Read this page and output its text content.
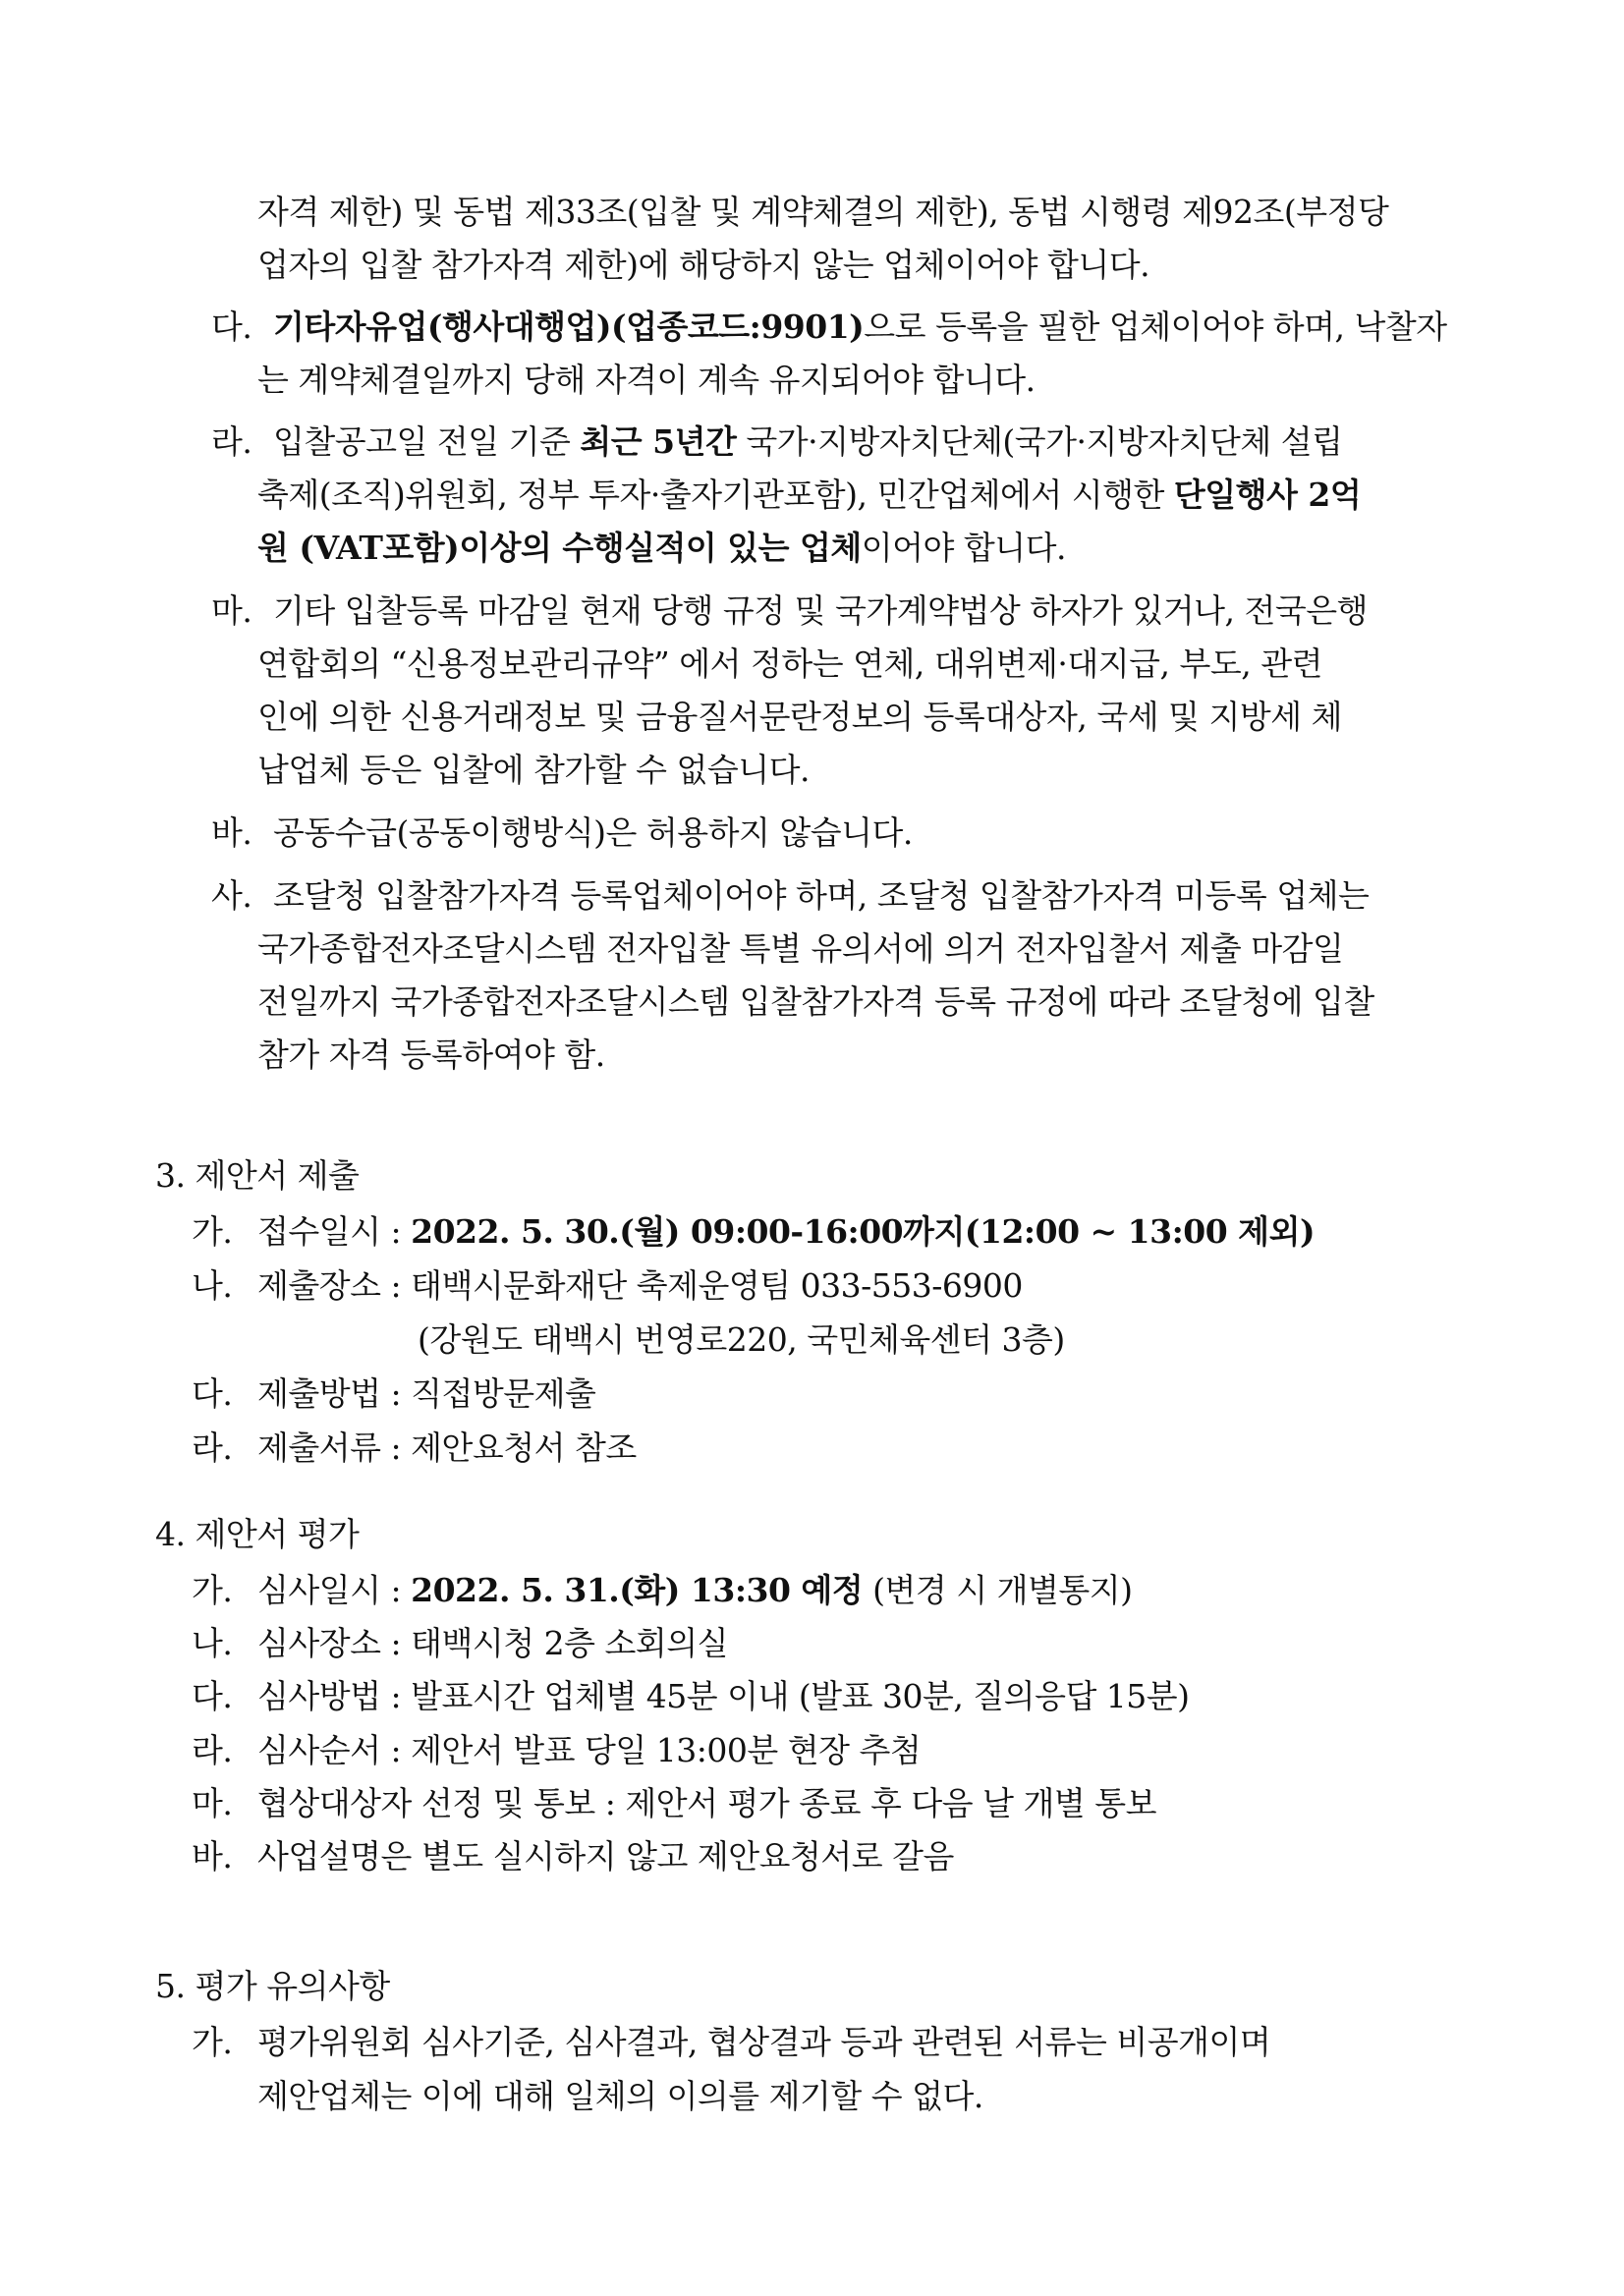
자격 제한) 및 동법 제33조(입찰 및 계약체결의 제한), 동법 시행령 제92조(부정당
업자의 입찰 참가자격 제한)에 해당하지 않는 업체이어야 합니다.
다. 기타자유업(행사대행업)(업종코드:9901)으로 등록을 필한 업체이어야 하며, 낙찰자
는 계약체결일까지 당해 자격이 계속 유지되어야 합니다.
라. 입찰공고일 전일 기준 최근 5년간 국가·지방자치단체(국가·지방자치단체 설립
축제(조직)위원회, 정부 투자·출자기관포함), 민간업체에서 시행한 단일행사 2억
원 (VAT포함)이상의 수행실적이 있는 업체이어야 합니다.
마. 기타 입찰등록 마감일 현재 당행 규정 및 국가계약법상 하자가 있거나, 전국은행
연합회의 “신용정보관리규약” 에서 정하는 연체, 대위변제·대지급, 부도, 관련
인에 의한 신용거래정보 및 금융질서문란정보의 등록대상자, 국세 및 지방세 체
납업체 등은 입찰에 참가할 수 없습니다.
바. 공동수급(공동이행방식)은 허용하지 않습니다.
사. 조달청 입찰참가자격 등록업체이어야 하며, 조달청 입찰참가자격 미등록 업체는
국가종합전자조달시스템 전자입찰 특별 유의서에 의거 전자입찰서 제출 마감일
전일까지 국가종합전자조달시스템 입찰참가자격 등록 규정에 따라 조달청에 입찰
참가 자격 등록하여야 함.
3. 제안서 제출
가. 접수일시 : 2022. 5. 30.(월) 09:00-16:00까지(12:00 ~ 13:00 제외)
나. 제출장소 : 태백시문화재단 축제운영팀 033-553-6900
(강원도 태백시 번영로220, 국민체육센터 3층)
다. 제출방법 : 직접방문제출
라. 제출서류 : 제안요청서 참조
4. 제안서 평가
가. 심사일시 : 2022. 5. 31.(화) 13:30 예정 (변경 시 개별통지)
나. 심사장소 : 태백시청 2층 소회의실
다. 심사방법 : 발표시간 업체별 45분 이내 (발표 30분, 질의응답 15분)
라. 심사순서 : 제안서 발표 당일 13:00분 현장 추첨
마. 협상대상자 선정 및 통보 : 제안서 평가 종료 후 다음 날 개별 통보
바. 사업설명은 별도 실시하지 않고 제안요청서로 갈음
5. 평가 유의사항
가. 평가위원회 심사기준, 심사결과, 협상결과 등과 관련된 서류는 비공개이며
제안업체는 이에 대해 일체의 이의를 제기할 수 없다.
